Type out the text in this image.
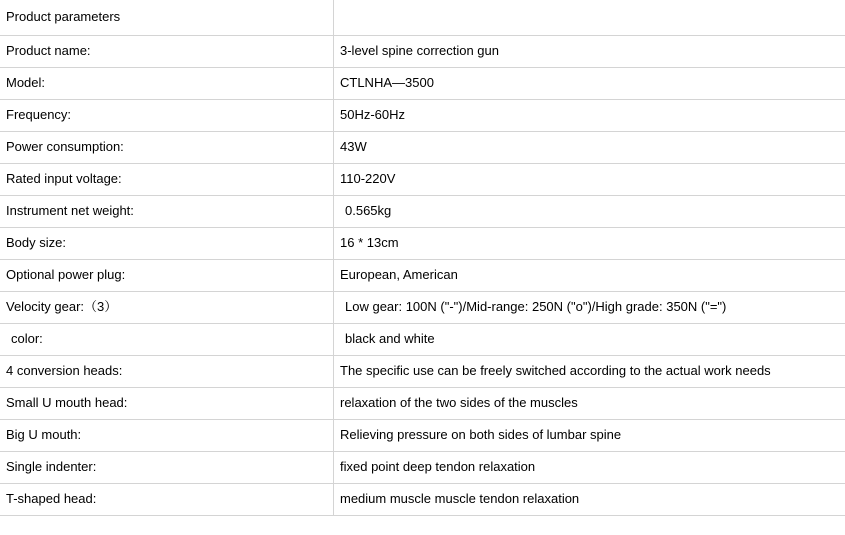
Product parameters	
Product name:	3-level spine correction gun
Model:	CTLNHA—3500
Frequency:	50Hz-60Hz
Power consumption:	43W
Rated input voltage:	110-220V
Instrument net weight:	0.565kg
Body size:	16 * 13cm
Optional power plug:	European, American
Velocity gear:（3）	Low gear: 100N ("-")/Mid-range: 250N ("o")/High grade: 350N ("=")
color:	black and white
4 conversion heads:	The specific use can be freely switched according to the actual work needs
Small U mouth head:	relaxation of the two sides of the muscles
Big U mouth:	Relieving pressure on both sides of lumbar spine
Single indenter:	fixed point deep tendon relaxation
T-shaped head:	medium muscle muscle tendon relaxation
